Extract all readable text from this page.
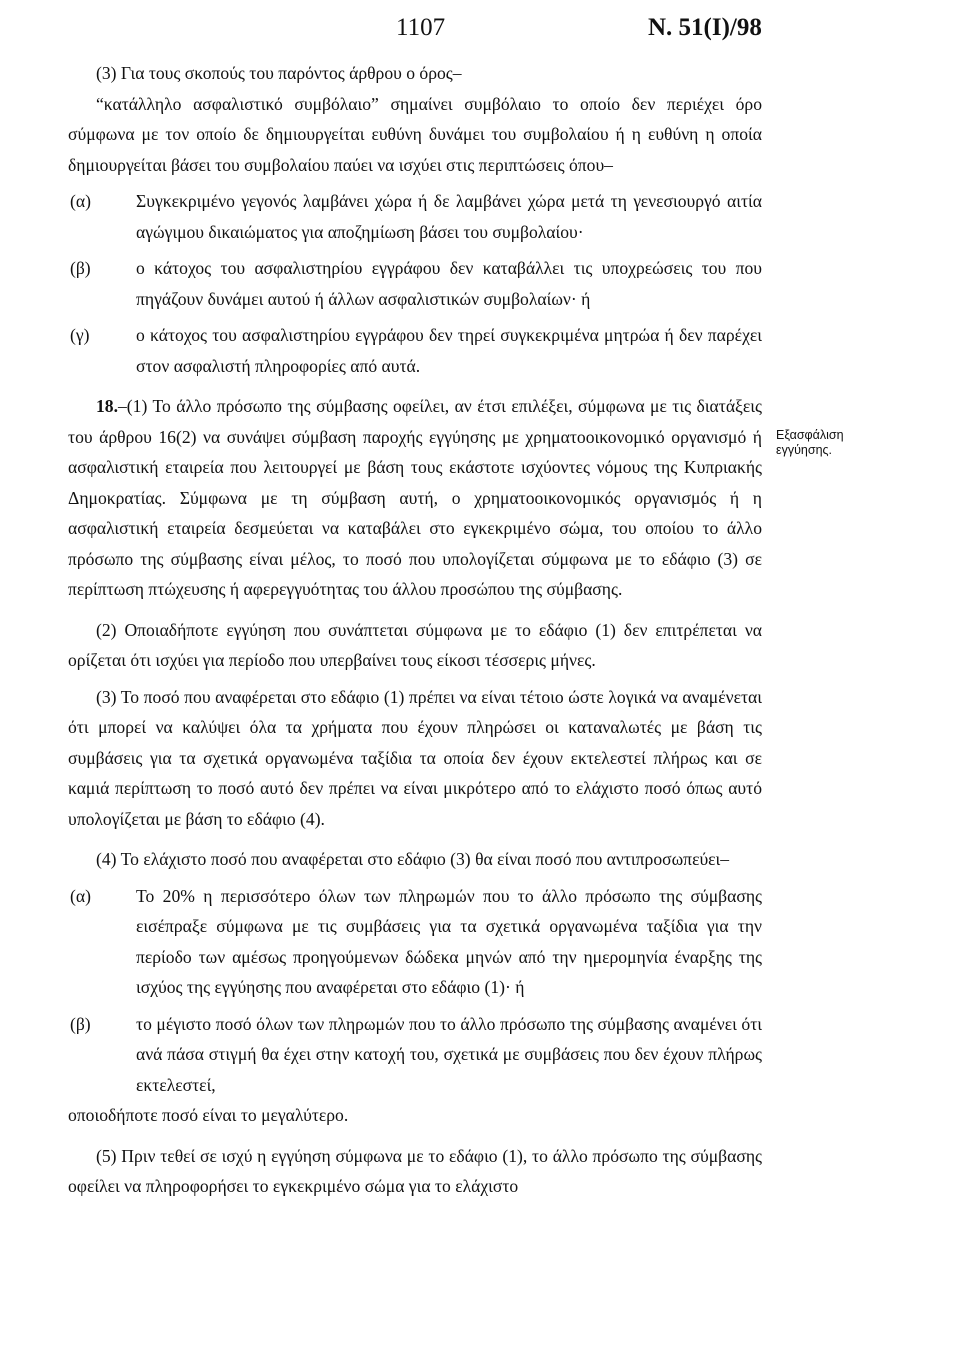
1107	N. 51(I)/98
Εξασφάλιση εγγύησης.

(3) Για τους σκοπούς του παρόντος άρθρου ο όρος–

“κατάλληλο ασφαλιστικό συμβόλαιο” σημαίνει συμβόλαιο το οποίο δεν περιέχει όρο σύμφωνα με τον οποίο δε δημιουργείται ευθύνη δυνάμει του συμβολαίου ή η ευθύνη η οποία δημιουργείται βάσει του συμβολαίου παύει να ισχύει στις περιπτώσεις όπου–

(α)	Συγκεκριμένο γεγονός λαμβάνει χώρα ή δε λαμβάνει χώρα μετά τη γενεσιουργό αιτία αγώγιμου δικαιώματος για αποζημίωση βάσει του συμβολαίου·
(β)	ο κάτοχος του ασφαλιστηρίου εγγράφου δεν καταβάλλει τις υποχρεώσεις του που πηγάζουν δυνάμει αυτού ή άλλων ασφαλιστικών συμβολαίων· ή
(γ)	ο κάτοχος του ασφαλιστηρίου εγγράφου δεν τηρεί συγκεκριμένα μητρώα ή δεν παρέχει στον ασφαλιστή πληροφορίες από αυτά.

18.–(1) Το άλλο πρόσωπο της σύμβασης οφείλει, αν έτσι επιλέξει, σύμφωνα με τις διατάξεις του άρθρου 16(2) να συνάψει σύμβαση παροχής εγγύησης με χρηματοοικονομικό οργανισμό ή ασφαλιστική εταιρεία που λειτουργεί με βάση τους εκάστοτε ισχύοντες νόμους της Κυπριακής Δημοκρατίας. Σύμφωνα με τη σύμβαση αυτή, ο χρηματοοικονομικός οργανισμός ή η ασφαλιστική εταιρεία δεσμεύεται να καταβάλει στο εγκεκριμένο σώμα, του οποίου το άλλο πρόσωπο της σύμβασης είναι μέλος, το ποσό που υπολογίζεται σύμφωνα με το εδάφιο (3) σε περίπτωση πτώχευσης ή αφερεγγυότητας του άλλου προσώπου της σύμβασης.

(2) Οποιαδήποτε εγγύηση που συνάπτεται σύμφωνα με το εδάφιο (1) δεν επιτρέπεται να ορίζεται ότι ισχύει για περίοδο που υπερβαίνει τους είκοσι τέσσερις μήνες.

(3) Το ποσό που αναφέρεται στο εδάφιο (1) πρέπει να είναι τέτοιο ώστε λογικά να αναμένεται ότι μπορεί να καλύψει όλα τα χρήματα που έχουν πληρώσει οι καταναλωτές με βάση τις συμβάσεις για τα σχετικά οργανωμένα ταξίδια τα οποία δεν έχουν εκτελεστεί πλήρως και σε καμιά περίπτωση το ποσό αυτό δεν πρέπει να είναι μικρότερο από το ελάχιστο ποσό όπως αυτό υπολογίζεται με βάση το εδάφιο (4).

(4) Το ελάχιστο ποσό που αναφέρεται στο εδάφιο (3) θα είναι ποσό που αντιπροσωπεύει–

(α)	Το 20% η περισσότερο όλων των πληρωμών που το άλλο πρόσωπο της σύμβασης εισέπραξε σύμφωνα με τις συμβάσεις για τα σχετικά οργανωμένα ταξίδια για την περίοδο των αμέσως προηγούμενων δώδεκα μηνών από την ημερομηνία έναρξης της ισχύος της εγγύησης που αναφέρεται στο εδάφιο (1)· ή
(β)	το μέγιστο ποσό όλων των πληρωμών που το άλλο πρόσωπο της σύμβασης αναμένει ότι ανά πάσα στιγμή θα έχει στην κατοχή του, σχετικά με συμβάσεις που δεν έχουν πλήρως εκτελεστεί,

οποιοδήποτε ποσό είναι το μεγαλύτερο.

(5) Πριν τεθεί σε ισχύ η εγγύηση σύμφωνα με το εδάφιο (1), το άλλο πρόσωπο της σύμβασης οφείλει να πληροφορήσει το εγκεκριμένο σώμα για το ελάχιστο
